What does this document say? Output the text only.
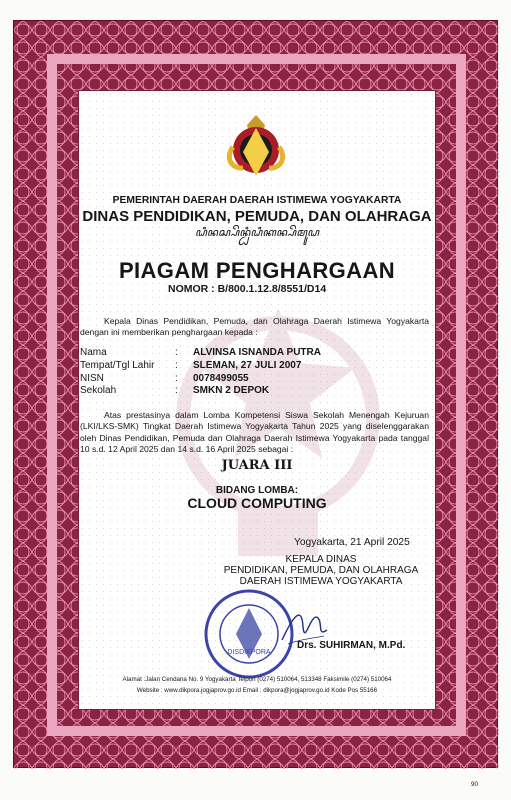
PEMERINTAH DAERAH DAERAH ISTIMEWA YOGYAKARTA
DINAS PENDIDIKAN, PEMUDA, DAN OLAHRAGA
ꦝꦶꦤꦱ꧀ꦥꦼꦤ꧀ꦝꦶꦝꦶꦏꦤ꧀ꦥꦼꦩꦸꦝ
PIAGAM PENGHARGAAN
NOMOR : B/800.1.12.8/8551/D14
Kepala Dinas Pendidikan, Pemuda, dan Olahraga Daerah Istimewa Yogyakarta dengan ini memberikan penghargaan kepada :
Nama	:	ALVINSA ISNANDA PUTRA
Tempat/Tgl Lahir	:	SLEMAN, 27 JULI 2007
NISN	:	0078499055
Sekolah	:	SMKN 2 DEPOK
Atas prestasinya dalam Lomba Kompetensi Siswa Sekolah Menengah Kejuruan (LKI/LKS-SMK) Tingkat Daerah Istimewa Yogyakarta Tahun 2025 yang diselenggarakan oleh Dinas Pendidikan, Pemuda dan Olahraga Daerah Istimewa Yogyakarta pada tanggal 10 s.d. 12 April 2025 dan 14 s.d. 16 April 2025 sebagai :
JUARA III
BIDANG LOMBA:
CLOUD COMPUTING
Yogyakarta, 21 April 2025
KEPALA DINAS
PENDIDIKAN, PEMUDA, DAN OLAHRAGA
DAERAH ISTIMEWA YOGYAKARTA
DISDIKPORA
Drs. SUHIRMAN, M.Pd.
Alamat :Jalan Cendana No. 9 Yogyakarta Telpon (0274) 510064, 513348 Faksimile (0274) 510064
Website : www.dikpora.jogjaprov.go.id Email : dikpora@jogjaprov.go.id Kode Pos 55166
90
